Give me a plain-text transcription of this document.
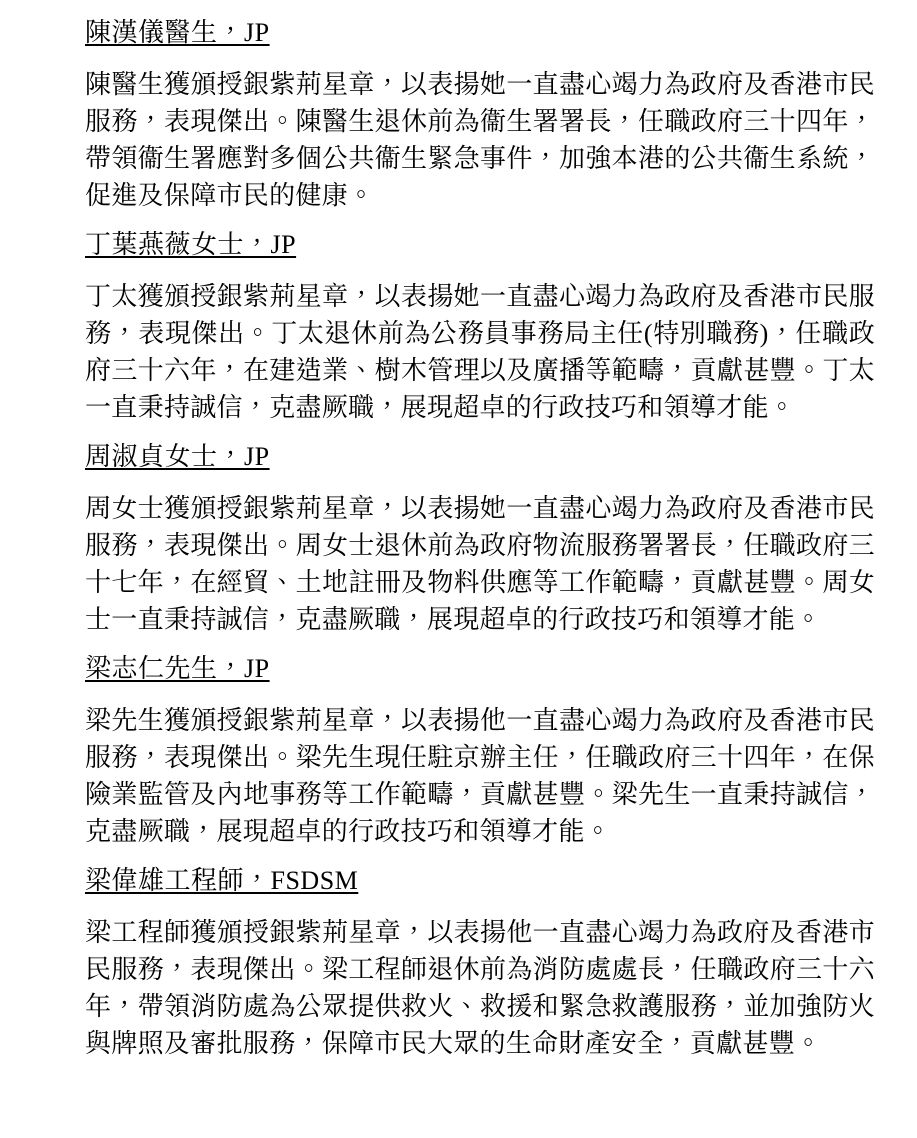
陳漢儀醫生，JP

陳醫生獲頒授銀紫荊星章，以表揚她一直盡心竭力為政府及香港市民服務，表現傑出。陳醫生退休前為衞生署署長，任職政府三十四年，帶領衞生署應對多個公共衞生緊急事件，加強本港的公共衞生系統，促進及保障市民的健康。

丁葉燕薇女士，JP

丁太獲頒授銀紫荊星章，以表揚她一直盡心竭力為政府及香港市民服務，表現傑出。丁太退休前為公務員事務局主任(特別職務)，任職政府三十六年，在建造業、樹木管理以及廣播等範疇，貢獻甚豐。丁太一直秉持誠信，克盡厥職，展現超卓的行政技巧和領導才能。

周淑貞女士，JP

周女士獲頒授銀紫荊星章，以表揚她一直盡心竭力為政府及香港市民服務，表現傑出。周女士退休前為政府物流服務署署長，任職政府三十七年，在經貿、土地註冊及物料供應等工作範疇，貢獻甚豐。周女士一直秉持誠信，克盡厥職，展現超卓的行政技巧和領導才能。

梁志仁先生，JP

梁先生獲頒授銀紫荊星章，以表揚他一直盡心竭力為政府及香港市民服務，表現傑出。梁先生現任駐京辦主任，任職政府三十四年，在保險業監管及內地事務等工作範疇，貢獻甚豐。梁先生一直秉持誠信，克盡厥職，展現超卓的行政技巧和領導才能。

梁偉雄工程師，FSDSM

梁工程師獲頒授銀紫荊星章，以表揚他一直盡心竭力為政府及香港市民服務，表現傑出。梁工程師退休前為消防處處長，任職政府三十六年，帶領消防處為公眾提供救火、救援和緊急救護服務，並加強防火與牌照及審批服務，保障市民大眾的生命財產安全，貢獻甚豐。
